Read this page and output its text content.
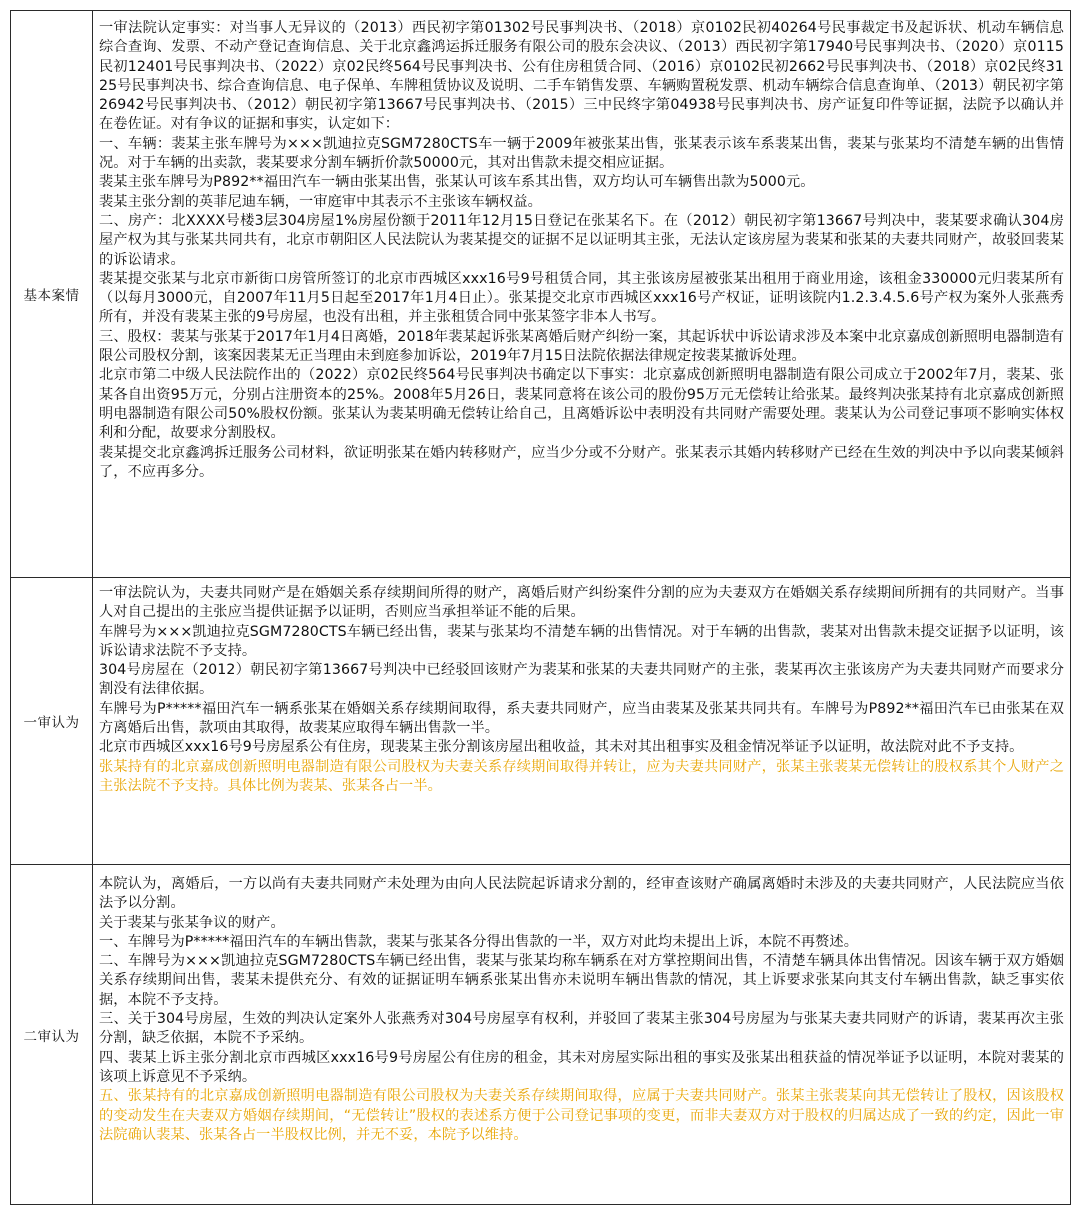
基本案情

一审法院认定事实：对当事人无异议的（2013）西民初字第01302号民事判决书、（2018）京0102民初40264号民事裁定书及起诉状、机动车辆信息综合查询、发票、不动产登记查询信息、关于北京鑫鸿运拆迁服务有限公司的股东会决议、（2013）西民初字第17940号民事判决书、（2020）京0115民初12401号民事判决书、（2022）京02民终564号民事判决书、公有住房租赁合同、（2016）京0102民初2662号民事判决书、（2018）京02民终3125号民事判决书、综合查询信息、电子保单、车牌租赁协议及说明、二手车销售发票、车辆购置税发票、机动车辆综合信息查询单、（2013）朝民初字第26942号民事判决书、（2012）朝民初字第13667号民事判决书、（2015）三中民终字第04938号民事判决书、房产证复印件等证据，法院予以确认并在卷佐证。对有争议的证据和事实，认定如下：

一、车辆：裴某主张车牌号为×××凯迪拉克SGM7280CTS车一辆于2009年被张某出售，张某表示该车系裴某出售，裴某与张某均不清楚车辆的出售情况。对于车辆的出卖款，裴某要求分割车辆折价款50000元，其对出售款未提交相应证据。

裴某主张车牌号为P892**福田汽车一辆由张某出售，张某认可该车系其出售，双方均认可车辆售出款为5000元。

裴某主张分割的英菲尼迪车辆，一审庭审中其表示不主张该车辆权益。

二、房产：北XXXX号楼3层304房屋1%房屋份额于2011年12月15日登记在张某名下。在（2012）朝民初字第13667号判决中，裴某要求确认304房屋产权为其与张某共同共有，北京市朝阳区人民法院认为裴某提交的证据不足以证明其主张，无法认定该房屋为裴某和张某的夫妻共同财产，故驳回裴某的诉讼请求。

裴某提交张某与北京市新街口房管所签订的北京市西城区xxx16号9号租赁合同，其主张该房屋被张某出租用于商业用途，该租金330000元归裴某所有（以每月3000元，自2007年11月5日起至2017年1月4日止）。张某提交北京市西城区xxx16号产权证，证明该院内1.2.3.4.5.6号产权为案外人张燕秀所有，并没有裴某主张的9号房屋，也没有出租，并主张租赁合同中张某签字非本人书写。

三、股权：裴某与张某于2017年1月4日离婚，2018年裴某起诉张某离婚后财产纠纷一案，其起诉状中诉讼请求涉及本案中北京嘉成创新照明电器制造有限公司股权分割，该案因裴某无正当理由未到庭参加诉讼，2019年7月15日法院依据法律规定按裴某撤诉处理。

北京市第二中级人民法院作出的（2022）京02民终564号民事判决书确定以下事实：北京嘉成创新照明电器制造有限公司成立于2002年7月，裴某、张某各自出资95万元，分别占注册资本的25%。2008年5月26日，裴某同意将在该公司的股份95万元无偿转让给张某。最终判决张某持有北京嘉成创新照明电器制造有限公司50%股权份额。张某认为裴某明确无偿转让给自己，且离婚诉讼中表明没有共同财产需要处理。裴某认为公司登记事项不影响实体权利和分配，故要求分割股权。

裴某提交北京鑫鸿拆迁服务公司材料，欲证明张某在婚内转移财产，应当少分或不分财产。张某表示其婚内转移财产已经在生效的判决中予以向裴某倾斜了，不应再多分。

一审认为

一审法院认为，夫妻共同财产是在婚姻关系存续期间所得的财产，离婚后财产纠纷案件分割的应为夫妻双方在婚姻关系存续期间所拥有的共同财产。当事人对自己提出的主张应当提供证据予以证明，否则应当承担举证不能的后果。

车牌号为×××凯迪拉克SGM7280CTS车辆已经出售，裴某与张某均不清楚车辆的出售情况。对于车辆的出售款，裴某对出售款未提交证据予以证明，该诉讼请求法院不予支持。

304号房屋在（2012）朝民初字第13667号判决中已经驳回该财产为裴某和张某的夫妻共同财产的主张，裴某再次主张该房产为夫妻共同财产而要求分割没有法律依据。

车牌号为P*****福田汽车一辆系张某在婚姻关系存续期间取得，系夫妻共同财产，应当由裴某及张某共同共有。车牌号为P892**福田汽车已由张某在双方离婚后出售，款项由其取得，故裴某应取得车辆出售款一半。

北京市西城区xxx16号9号房屋系公有住房，现裴某主张分割该房屋出租收益，其未对其出租事实及租金情况举证予以证明，故法院对此不予支持。

张某持有的北京嘉成创新照明电器制造有限公司股权为夫妻关系存续期间取得并转让，应为夫妻共同财产，张某主张裴某无偿转让的股权系其个人财产之主张法院不予支持。具体比例为裴某、张某各占一半。

二审认为

本院认为，离婚后，一方以尚有夫妻共同财产未处理为由向人民法院起诉请求分割的，经审查该财产确属离婚时未涉及的夫妻共同财产，人民法院应当依法予以分割。

关于裴某与张某争议的财产。

一、车牌号为P*****福田汽车的车辆出售款，裴某与张某各分得出售款的一半，双方对此均未提出上诉，本院不再赘述。

二、车牌号为×××凯迪拉克SGM7280CTS车辆已经出售，裴某与张某均称车辆系在对方掌控期间出售，不清楚车辆具体出售情况。因该车辆于双方婚姻关系存续期间出售，裴某未提供充分、有效的证据证明车辆系张某出售亦未说明车辆出售款的情况，其上诉要求张某向其支付车辆出售款，缺乏事实依据，本院不予支持。

三、关于304号房屋，生效的判决认定案外人张燕秀对304号房屋享有权利，并驳回了裴某主张304号房屋为与张某夫妻共同财产的诉请，裴某再次主张分割，缺乏依据，本院不予采纳。

四、裴某上诉主张分割北京市西城区xxx16号9号房屋公有住房的租金，其未对房屋实际出租的事实及张某出租获益的情况举证予以证明，本院对裴某的该项上诉意见不予采纳。

五、张某持有的北京嘉成创新照明电器制造有限公司股权为夫妻关系存续期间取得，应属于夫妻共同财产。张某主张裴某向其无偿转让了股权，因该股权的变动发生在夫妻双方婚姻存续期间，“无偿转让”股权的表述系方便于公司登记事项的变更，而非夫妻双方对于股权的归属达成了一致的约定，因此一审法院确认裴某、张某各占一半股权比例，并无不妥，本院予以维持。
